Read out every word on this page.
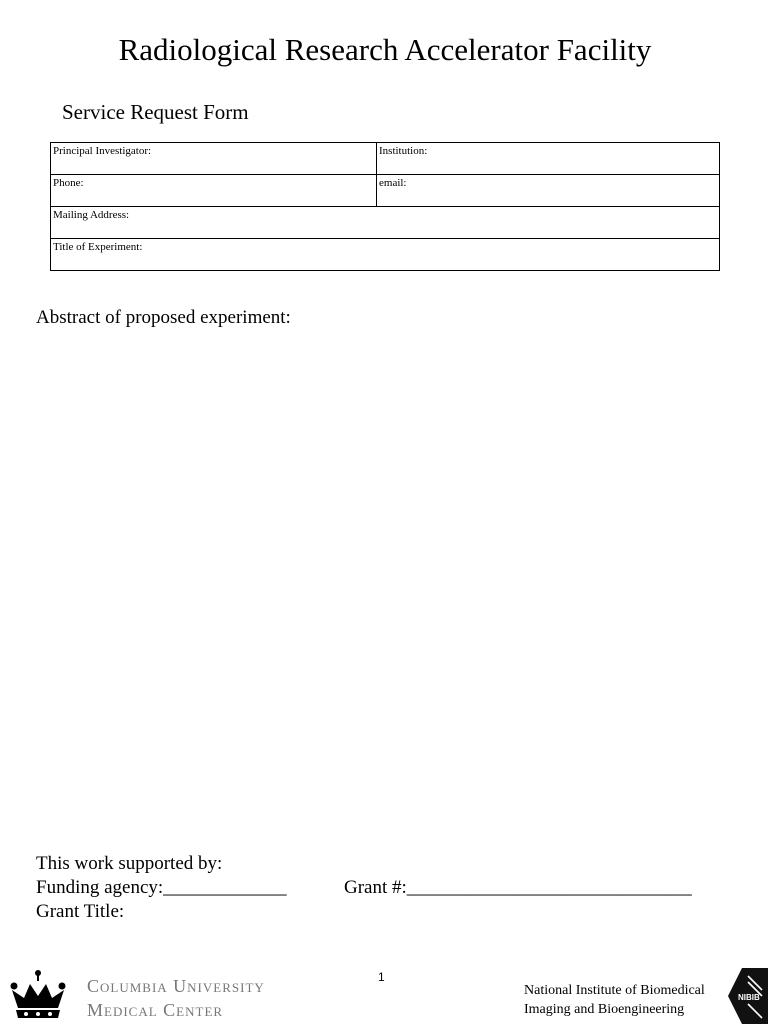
Radiological Research Accelerator Facility
Service Request Form
Principal Investigator:	Institution:
Phone:	email:
Mailing Address:	
Title of Experiment:	
Abstract of proposed experiment:
This work supported by:
Funding agency:_____________
Grant Title:
Grant #:______________________________
1
Columbia University
Medical Center
National Institute of Biomedical
Imaging and Bioengineering
NIBIB
